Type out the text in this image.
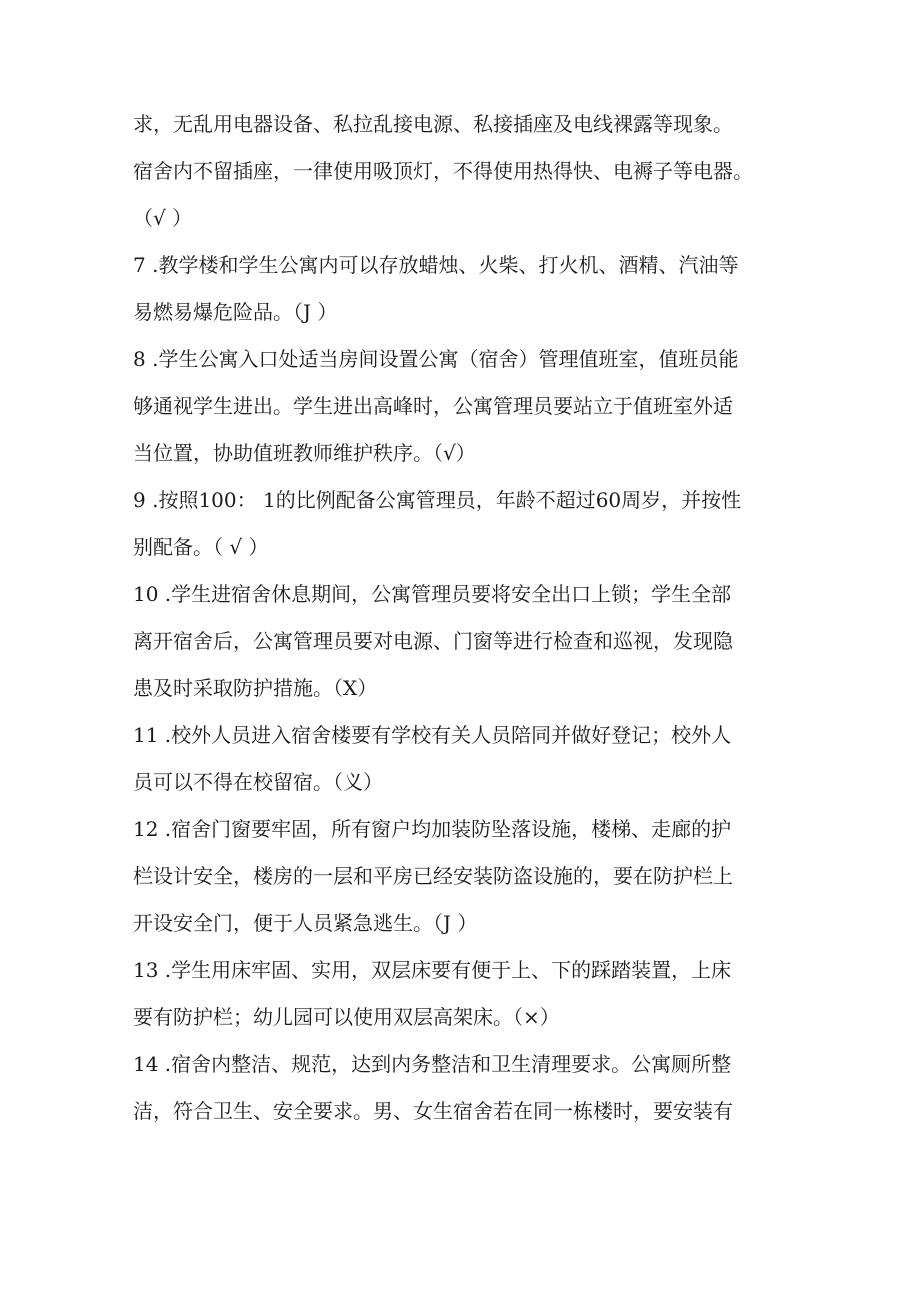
求，无乱用电器设备、私拉乱接电源、私接插座及电线裸露等现象。

宿舍内不留插座，一律使用吸顶灯，不得使用热得快、电褥子等电器。

（√ ）

7 .教学楼和学生公寓内可以存放蜡烛、火柴、打火机、酒精、汽油等

易燃易爆危险品。（J ）

8 .学生公寓入口处适当房间设置公寓（宿舍）管理值班室，值班员能

够通视学生进出。学生进出高峰时，公寓管理员要站立于值班室外适

当位置，协助值班教师维护秩序。（√）

9 .按照100： 1的比例配备公寓管理员，年龄不超过60周岁，并按性

别配备。（ √ ）

10 .学生进宿舍休息期间，公寓管理员要将安全出口上锁；学生全部

离开宿舍后，公寓管理员要对电源、门窗等进行检查和巡视，发现隐

患及时采取防护措施。（X）

11 .校外人员进入宿舍楼要有学校有关人员陪同并做好登记；校外人

员可以不得在校留宿。（义）

12 .宿舍门窗要牢固，所有窗户均加装防坠落设施，楼梯、走廊的护

栏设计安全，楼房的一层和平房已经安装防盗设施的，要在防护栏上

开设安全门，便于人员紧急逃生。（J ）

13 .学生用床牢固、实用，双层床要有便于上、下的踩踏装置，上床

要有防护栏；幼儿园可以使用双层高架床。（×）

14 .宿舍内整洁、规范，达到内务整洁和卫生清理要求。公寓厕所整

洁，符合卫生、安全要求。男、女生宿舍若在同一栋楼时，要安装有
